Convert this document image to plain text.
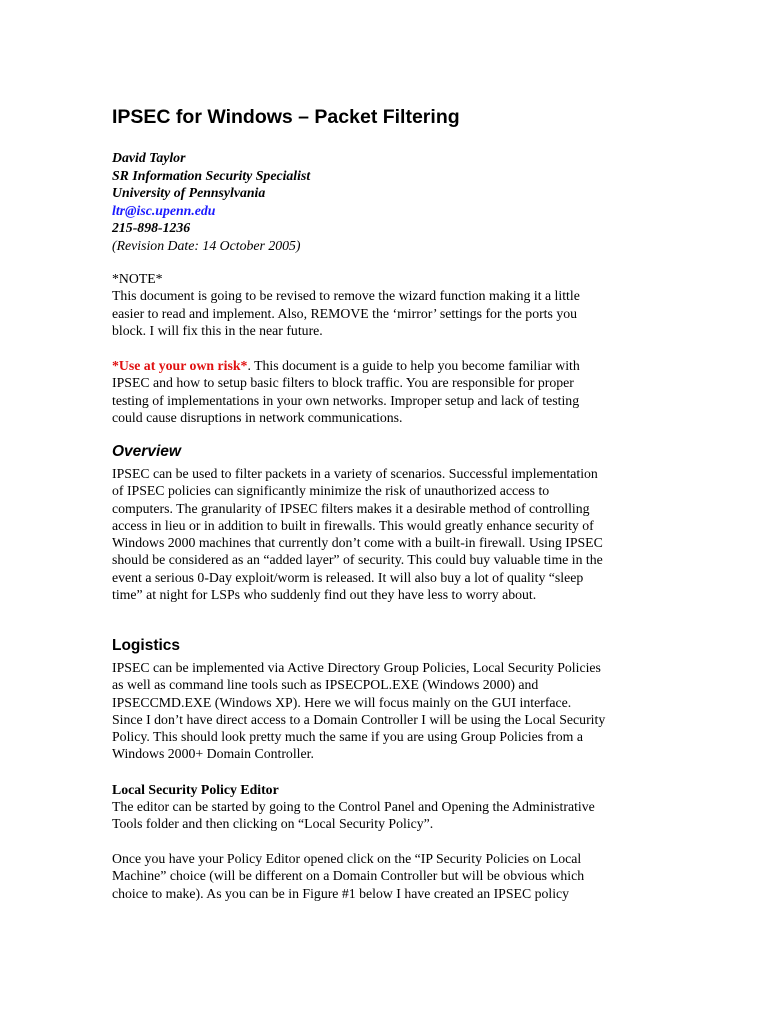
IPSEC for Windows – Packet Filtering
David Taylor
SR Information Security Specialist
University of Pennsylvania
ltr@isc.upenn.edu
215-898-1236
(Revision Date: 14 October 2005)
*NOTE*
This document is going to be revised to remove the wizard function making it a little
easier to read and implement. Also, REMOVE the ‘mirror’ settings for the ports you
block. I will fix this in the near future.
*Use at your own risk*. This document is a guide to help you become familiar with
IPSEC and how to setup basic filters to block traffic. You are responsible for proper
testing of implementations in your own networks. Improper setup and lack of testing
could cause disruptions in network communications.
Overview
IPSEC can be used to filter packets in a variety of scenarios. Successful implementation
of IPSEC policies can significantly minimize the risk of unauthorized access to
computers. The granularity of IPSEC filters makes it a desirable method of controlling
access in lieu or in addition to built in firewalls. This would greatly enhance security of
Windows 2000 machines that currently don’t come with a built-in firewall. Using IPSEC
should be considered as an “added layer” of security. This could buy valuable time in the
event a serious 0-Day exploit/worm is released. It will also buy a lot of quality “sleep
time” at night for LSPs who suddenly find out they have less to worry about.
Logistics
IPSEC can be implemented via Active Directory Group Policies, Local Security Policies
as well as command line tools such as IPSECPOL.EXE (Windows 2000) and
IPSECCMD.EXE (Windows XP). Here we will focus mainly on the GUI interface.
Since I don’t have direct access to a Domain Controller I will be using the Local Security
Policy. This should look pretty much the same if you are using Group Policies from a
Windows 2000+ Domain Controller.
Local Security Policy Editor
The editor can be started by going to the Control Panel and Opening the Administrative
Tools folder and then clicking on “Local Security Policy”.
Once you have your Policy Editor opened click on the “IP Security Policies on Local
Machine” choice (will be different on a Domain Controller but will be obvious which
choice to make). As you can be in Figure #1 below I have created an IPSEC policy
